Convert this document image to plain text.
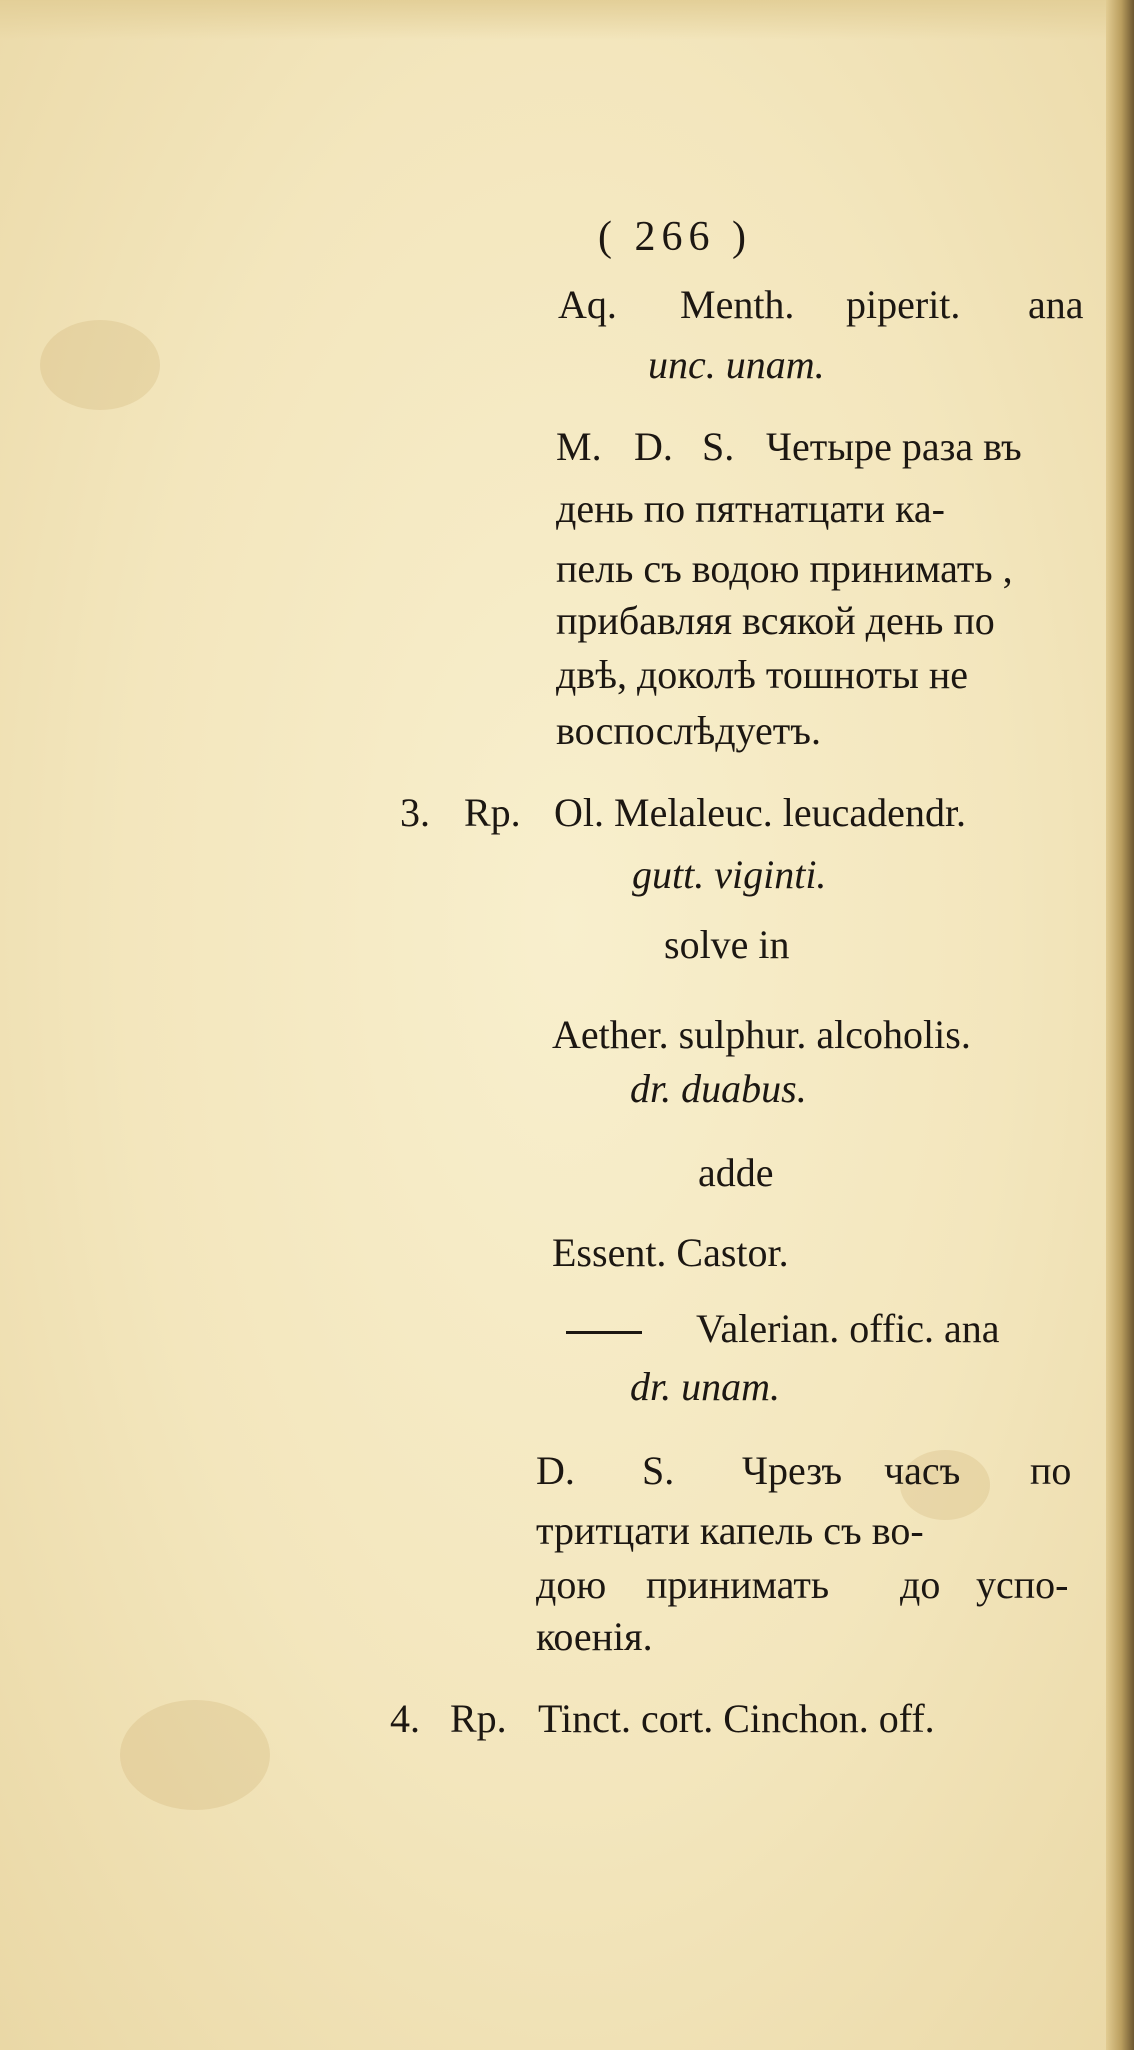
( 266 )
Aq. Menth. piperit. ana
unc. unam.
M. D. S. Четыре раза въ
день по пятнатцати ка-
пель съ водою принимать ,
прибавляя всякой день по
двѣ, доколѣ тошноты не
воспослѣдуетъ.
3. Rp. Ol. Melaleuc. leucadendr.
gutt. viginti.
solve in
Aether. sulphur. alcoholis.
dr. duabus.
adde
Essent. Castor.
Valerian. offic. ana
dr. unam.
D. S. Чрезъ часъ по
тритцати капель съ во-
дою принимать до успо-
коенія.
4. Rp. Tinct. cort. Cinchon. off.
